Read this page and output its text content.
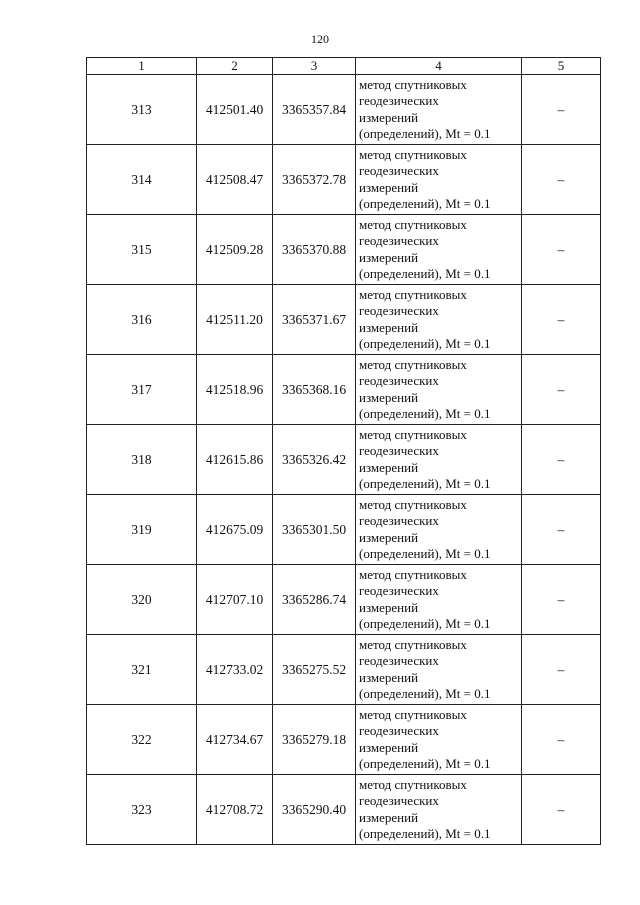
120
1	2	3	4	5
313	412501.40	3365357.84	метод спутниковых
геодезических
измерений
(определений), Mt = 0.1	–
314	412508.47	3365372.78	метод спутниковых
геодезических
измерений
(определений), Mt = 0.1	–
315	412509.28	3365370.88	метод спутниковых
геодезических
измерений
(определений), Mt = 0.1	–
316	412511.20	3365371.67	метод спутниковых
геодезических
измерений
(определений), Mt = 0.1	–
317	412518.96	3365368.16	метод спутниковых
геодезических
измерений
(определений), Mt = 0.1	–
318	412615.86	3365326.42	метод спутниковых
геодезических
измерений
(определений), Mt = 0.1	–
319	412675.09	3365301.50	метод спутниковых
геодезических
измерений
(определений), Mt = 0.1	–
320	412707.10	3365286.74	метод спутниковых
геодезических
измерений
(определений), Mt = 0.1	–
321	412733.02	3365275.52	метод спутниковых
геодезических
измерений
(определений), Mt = 0.1	–
322	412734.67	3365279.18	метод спутниковых
геодезических
измерений
(определений), Mt = 0.1	–
323	412708.72	3365290.40	метод спутниковых
геодезических
измерений
(определений), Mt = 0.1	–
